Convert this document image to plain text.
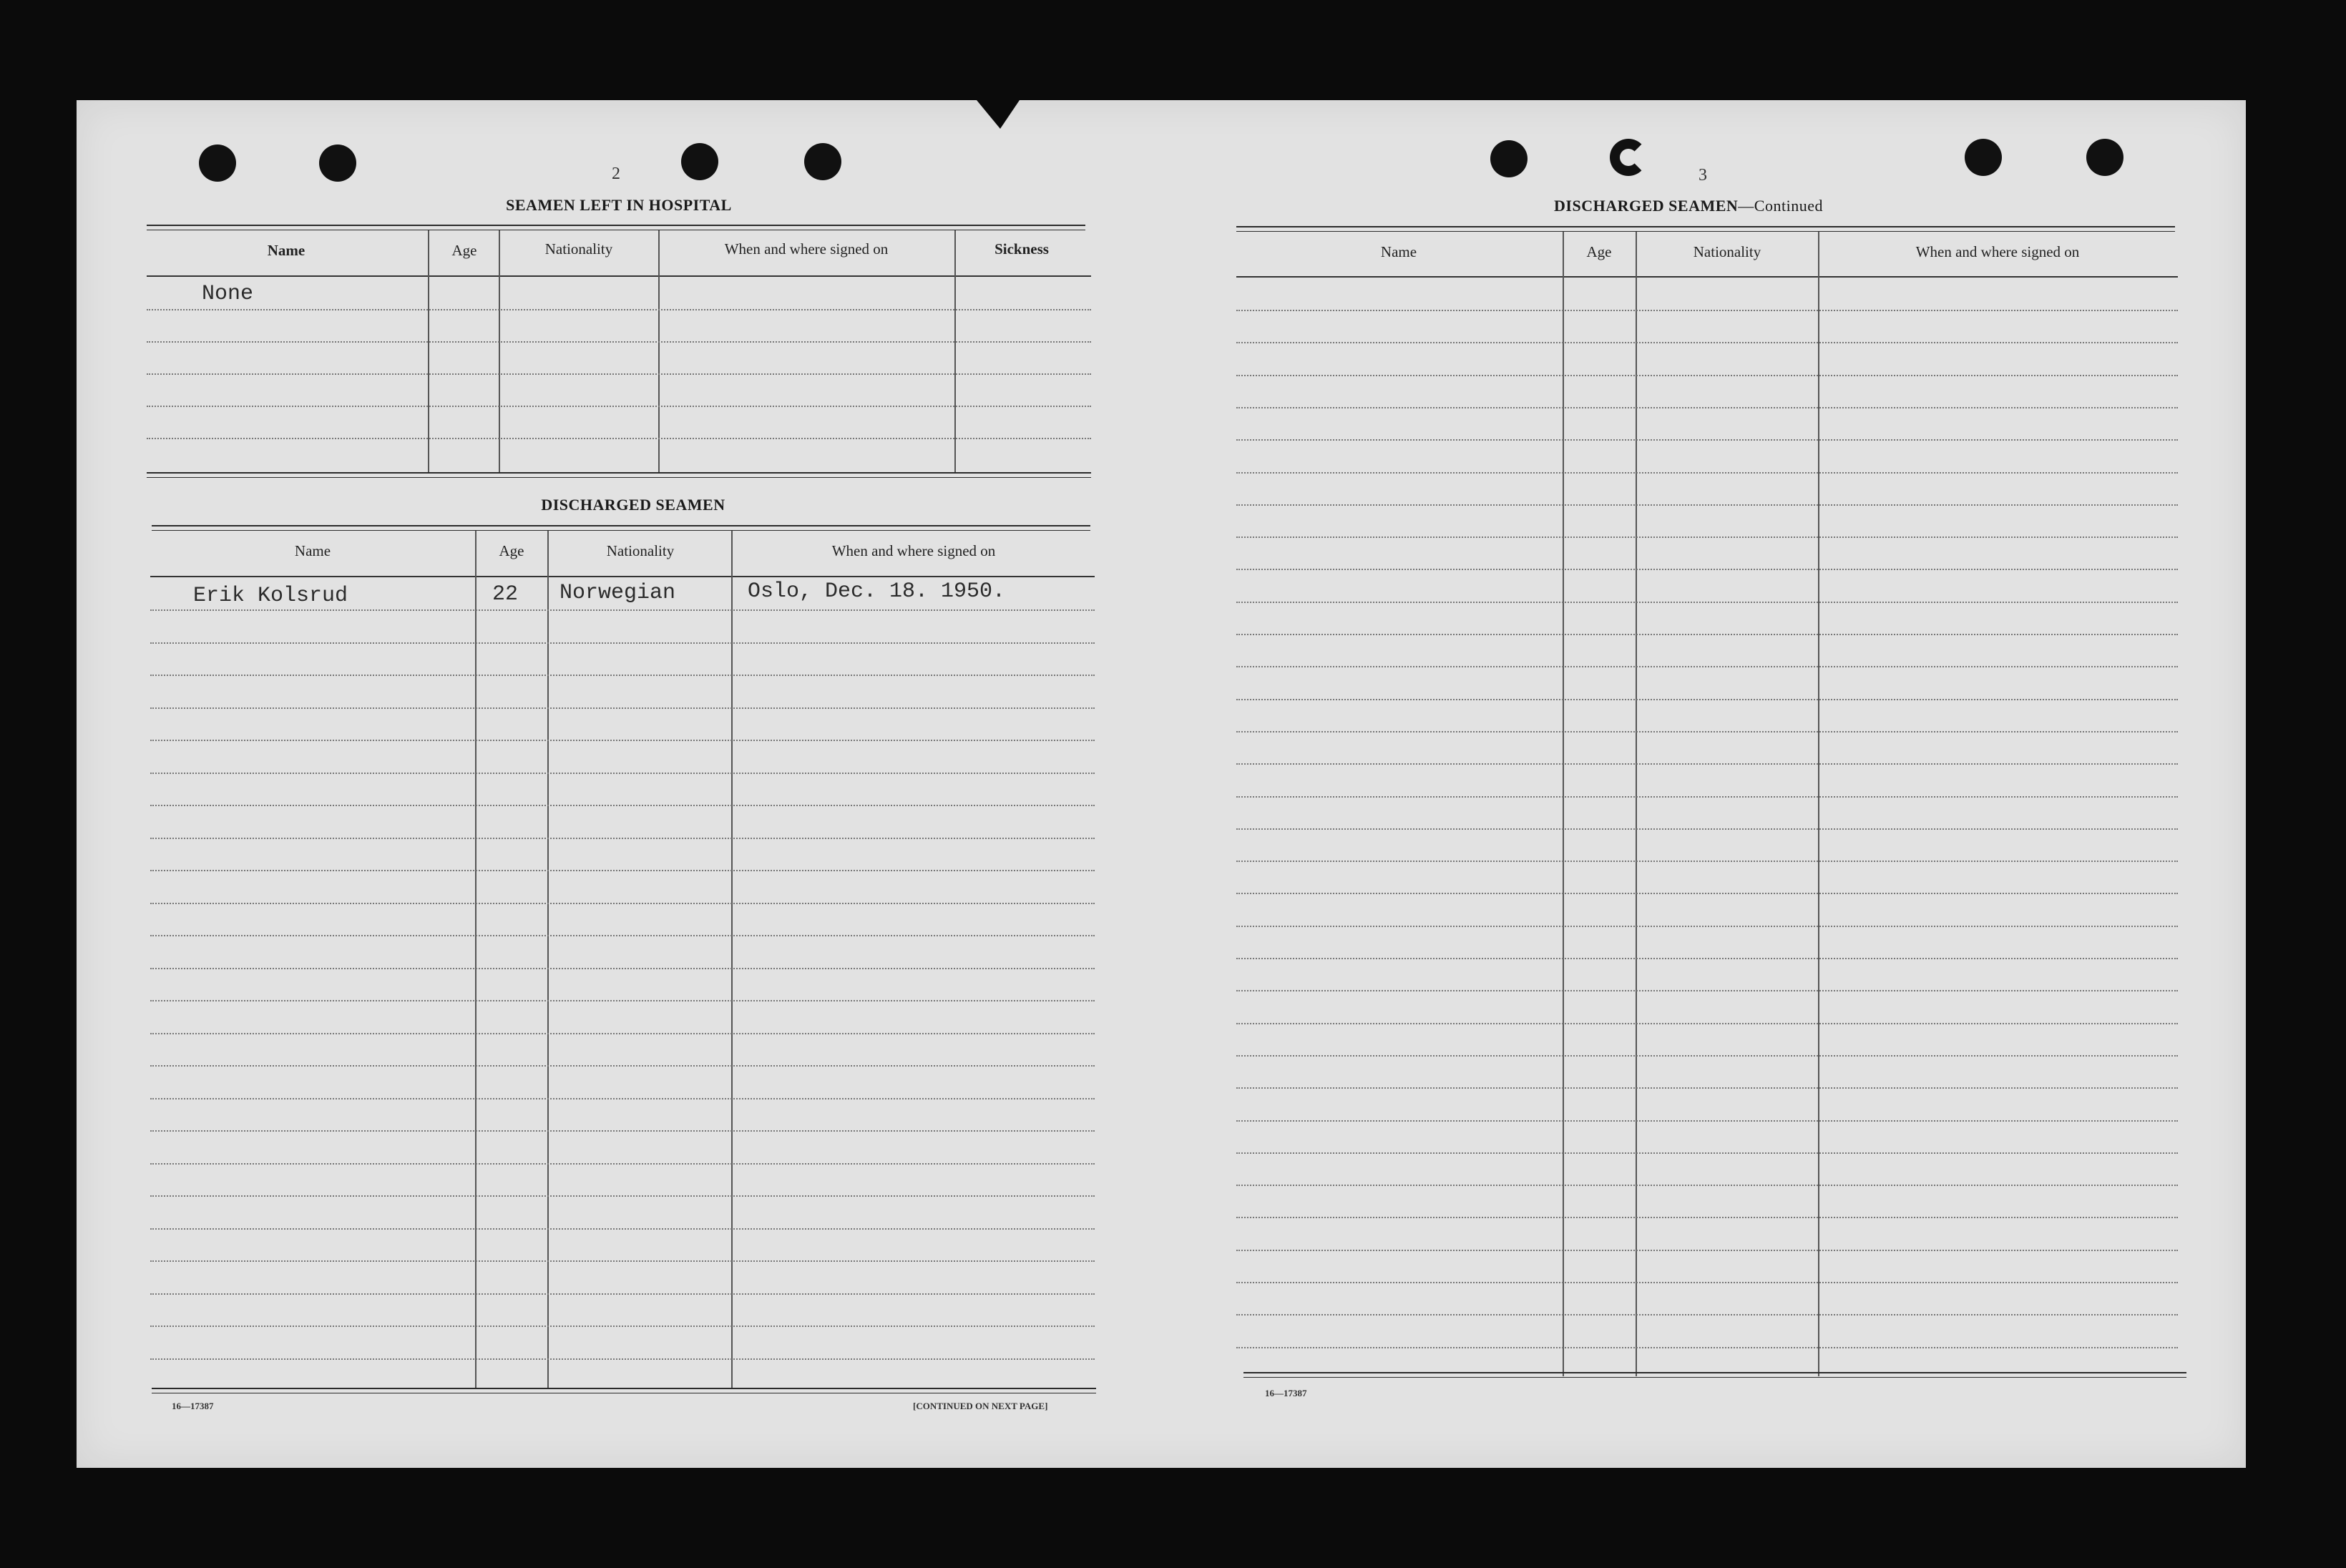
2
SEAMEN LEFT IN HOSPITAL
Name	Age	Nationality	When and where signed on	Sickness
None
DISCHARGED SEAMEN
Name	Age	Nationality	When and where signed on
Erik Kolsrud	22 Norwegian	Oslo, Dec. 18. 1950.
16—17387	[CONTINUED ON NEXT PAGE]
3
DISCHARGED SEAMEN—Continued
Name	Age	Nationality	When and where signed on
16—17387
